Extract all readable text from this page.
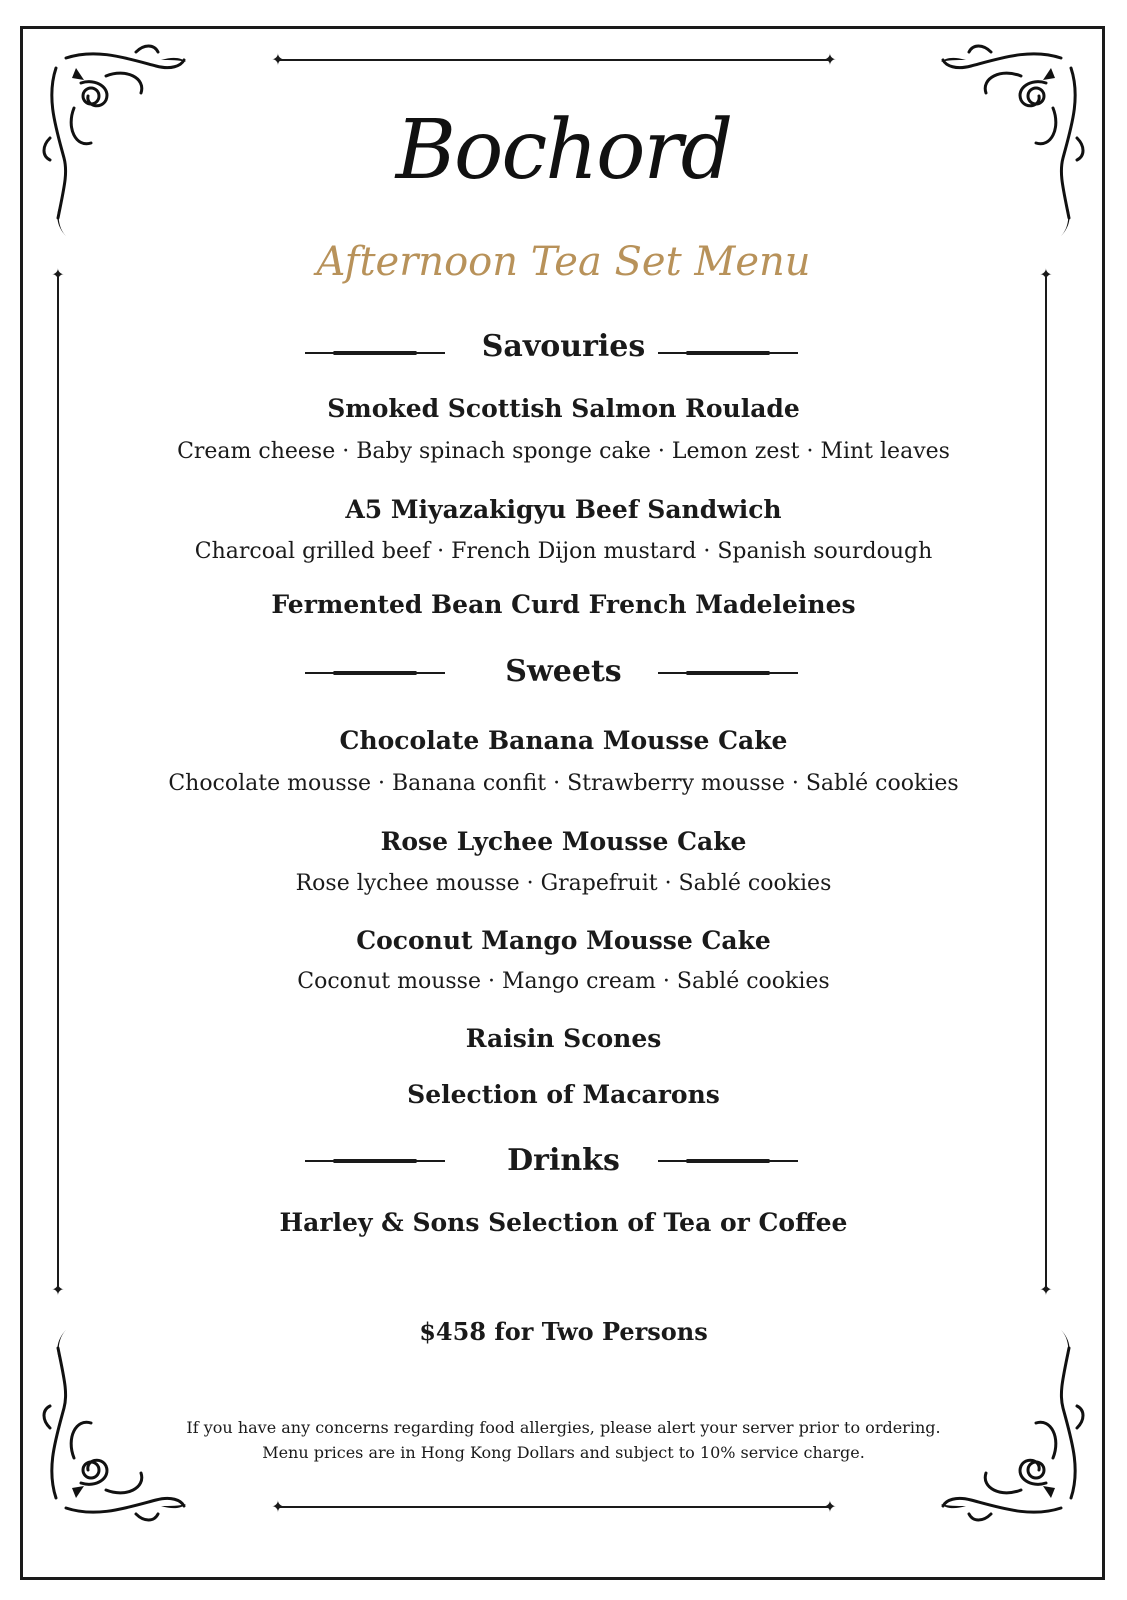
✦	✦
✦	✦
✦
✦
✦
✦
Bochord
Afternoon Tea Set Menu
Savouries
Smoked Scottish Salmon Roulade
Cream cheese · Baby spinach sponge cake · Lemon zest · Mint leaves
A5 Miyazakigyu Beef Sandwich
Charcoal grilled beef · French Dijon mustard · Spanish sourdough
Fermented Bean Curd French Madeleines
Sweets
Chocolate Banana Mousse Cake
Chocolate mousse · Banana confit · Strawberry mousse · Sablé cookies
Rose Lychee Mousse Cake
Rose lychee mousse · Grapefruit · Sablé cookies
Coconut Mango Mousse Cake
Coconut mousse · Mango cream · Sablé cookies
Raisin Scones
Selection of Macarons
Drinks
Harley & Sons Selection of Tea or Coffee
$458 for Two Persons
If you have any concerns regarding food allergies, please alert your server prior to ordering.
Menu prices are in Hong Kong Dollars and subject to 10% service charge.
